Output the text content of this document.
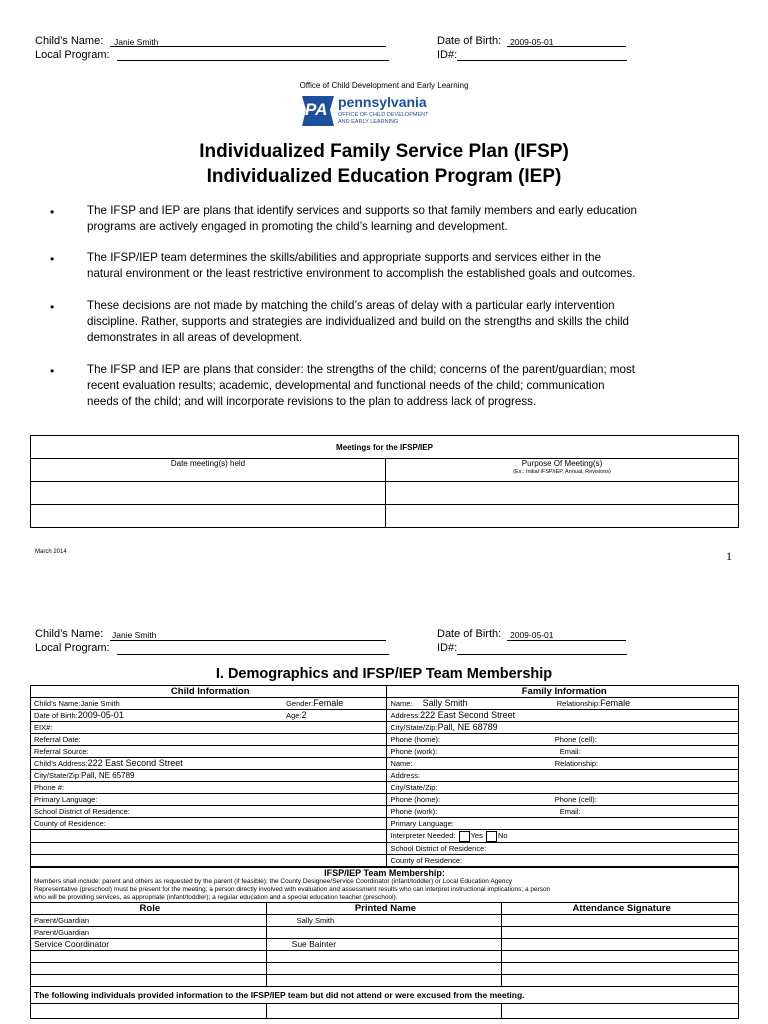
Child’s Name: Janie Smith
Local Program:
Date of Birth: 2009-05-01
ID#:
Office of Child Development and Early Learning
PA pennsylvania
OFFICE OF CHILD DEVELOPMENT
AND EARLY LEARNING
Individualized Family Service Plan (IFSP)
Individualized Education Program (IEP)
•	The IFSP and IEP are plans that identify services and supports so that family members and early education
programs are actively engaged in promoting the child’s learning and development.
•	The IFSP/IEP team determines the skills/abilities and appropriate supports and services either in the
natural environment or the least restrictive environment to accomplish the established goals and outcomes.
•	These decisions are not made by matching the child’s areas of delay with a particular early intervention
discipline. Rather, supports and strategies are individualized and build on the strengths and skills the child
demonstrates in all areas of development.
•	The IFSP and IEP are plans that consider: the strengths of the child; concerns of the parent/guardian; most
recent evaluation results; academic, developmental and functional needs of the child; communication
needs of the child; and will incorporate revisions to the plan to address lack of progress.
Meetings for the IFSP/IEP	
Date meeting(s) held	Purpose Of Meeting(s)
(Ex.: Initial IFSP/IEP, Annual, Revisions)

March 2014	1
Child’s Name: Janie Smith
Local Program:
Date of Birth: 2009-05-01
ID#:
I. Demographics and IFSP/IEP Team Membership
Child Information		Family Information	
Child’s Name:Janie Smith	Gender:Female	Name: Sally Smith	Relationship:Female
Date of Birth:2009-05-01	Age:2	Address:222 East Second Street	
EIX#:		City/State/Zip:Pall, NE 68789	
Referral Date:		Phone (home):	Phone (cell):
Referral Source:		Phone (work):	Email:
Child’s Address:222 East Second Street		Name:	Relationship:
City/State/Zip:Pall, NE 65789		Address:	
Phone #:		City/State/Zip:	
Primary Language:		Phone (home):	Phone (cell):
School District of Residence:		Phone (work):	Email:
County of Residence:		Primary Language:	
		Interpreter Needed: Yes No	
		School District of Residence:	
		County of Residence:	
IFSP/IEP Team Membership:
Members shall include: parent and others as requested by the parent (if feasible); the County Designee/Service Coordinator (infant/toddler) or Local Education Agency
Representative (preschool) must be present for the meeting; a person directly involved with evaluation and assessment results who can interpret instructional implications; a person
who will be providing services, as appropriate (infant/toddler); a regular education and a special education teacher (preschool).		

Role	Printed Name	Attendance Signature
Parent/Guardian	Sally Smith	
Parent/Guardian		
Service Coordinator	Sue Bainter	

The following individuals provided information to the IFSP/IEP team but did not attend or were excused from the meeting.		
